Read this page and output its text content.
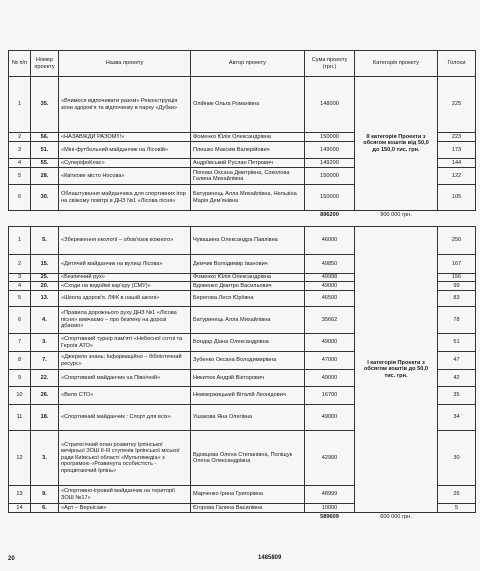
№ п/п	Номер проекту	Назва проекту	Автор проекту	Сума проекту (грн.)	Категорія проекту	Голоси
1	35.	«Вчимося відпочивати разом» Реконструкція зони здоров'я та відпочинку в парку «Дубки»	Олійник Ольга Романівна	148000	ІІ категорія Проекти з обсягом коштів від 50,0 до 150,0 тис. грн.	225
2	56.	«НАЗАВЖДИ РАЗОМ!!!»	Фоменко Юлія Олександрівна	150000		223
3	51.	«Міні-футбольний майданчик на Лісовій»	Плешко Максим Валерійович	149000		173
4	55.	«СуперіфоКлас»	Андріївський Руслан Петрович	149200		144
5	28.	«Квіткове місто Носова»	Попова Оксана Дмитрівна, Соколова Галина Михайлівна	150000		122
6	30.	Облаштування майданчика для спортивних ігор на свіжому повітрі в ДНЗ №1 «Лісова пісня»	Батуринець Алла Михайлівна, Нельзіна Марія Дем'янівна	150000		105
				896200	900 000 грн.	
1	5.	«Збереження екології – обов'язок кожного»	Чувашина Олександра Павлівна	46000	І категорія Проекти з обсягом коштів до 50,0 тис. грн.	250
2	15.	«Дитячий майданчик на вулиці Лісова»	Демчик Володимир Іванович	49850		167
3	25.	«Безпечний рух»	Фоменко Юлія Олександрівна	49998		156
4	20.	«Сходи на водоймі кар'єру (СМУ)»	Вдовенко Дмитро Васильович	49000		99
5	13.	«Школа здоров'я. ЛФК в нашій школі»	Берегова Леся Юріївна	46500		83
6	4.	«Правила дорожнього руху ДНЗ №1 «Лісова пісня» вивчаємо – про безпеку на дорозі дбаємо»	Батуринець Алла Михайлівна	35662		78
7	3.	«Спортивний турнір пам'яті «Небесної сотні та Героїв АТО»	Бондар Діана Олександрівна	49000		51
8	7.	«Джерело знань: Інформаційно – бібліотечний ресурс»	Зубенко Оксана Володимирівна	47000		47
9	22.	«Спортивний майданчик на Північній»	Никитюк Андрій Вікторович	49000		42
10	26.	«Вело СТО»	Невмержицький Віталій Леонідович	16700		35
11	18.	«Спортивний майданчик : Спорт для всіх»	Ушакова Яна Олегівна	49000		34
12	3.	«Стратегічний план розвитку Ірпінської вечірньої ЗОШ ІІ-ІІІ ступенів Ірпінської міської ради Київської області «Мультимедіа» з програмою «Розвинута особистість - процвітаючий Ірпінь»	Вдовцова Олена Степанівна, Поліщук Олена Олександрівна	42900		30
13	9.	«Спортивно-ігровий майданчик на території ЗОШ №17»	Марченко Ірина Григорівна	48999		26
14	6.	«Арт – Вернісаж»	Єгорова Галина Василівна	10000		5
				589609	600 000 грн.	
20	1485809
